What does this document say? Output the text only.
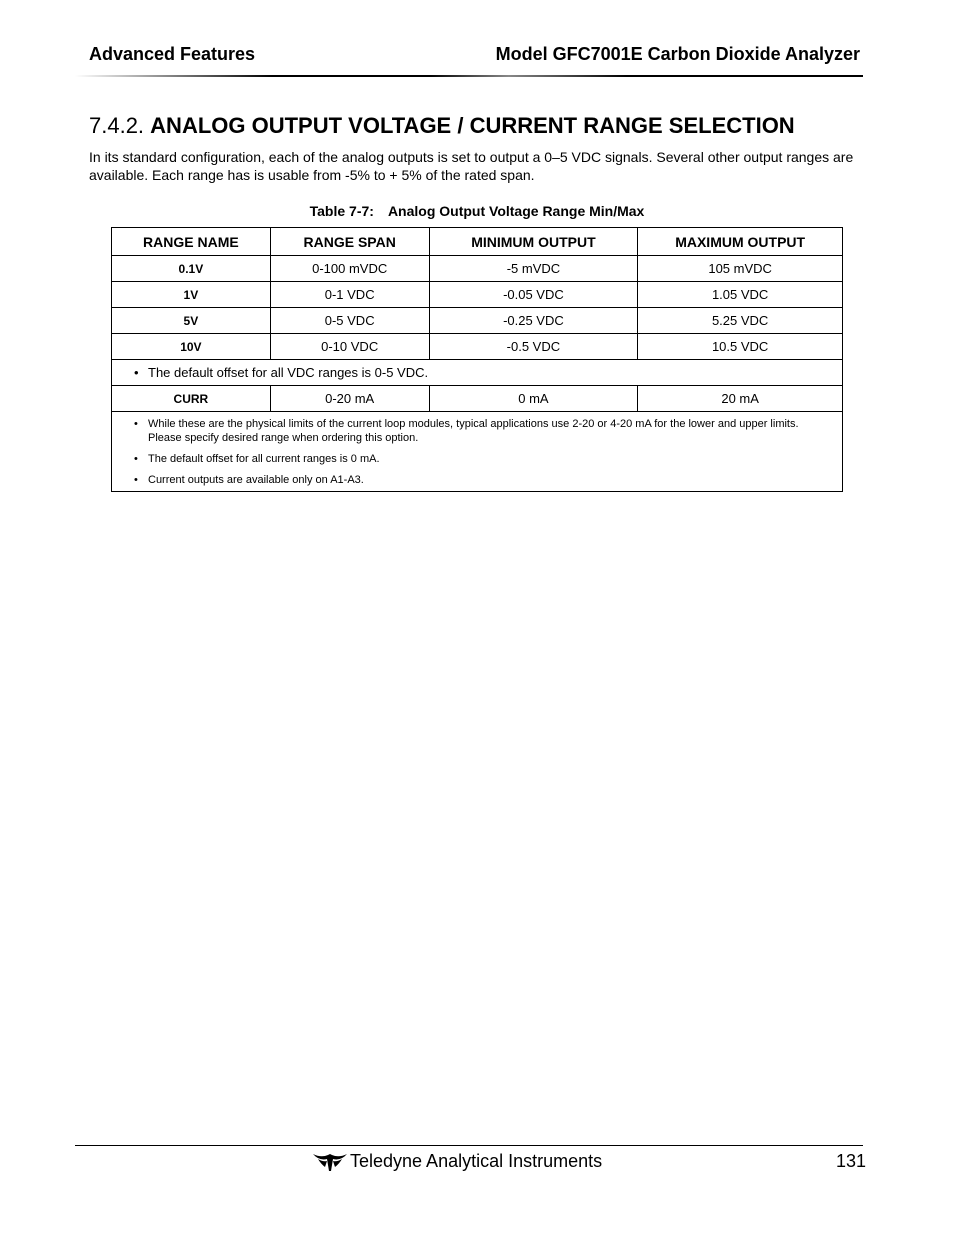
Advanced Features	Model GFC7001E Carbon Dioxide Analyzer
7.4.2. ANALOG OUTPUT VOLTAGE / CURRENT RANGE SELECTION
In its standard configuration, each of the analog outputs is set to output a 0–5 VDC signals. Several other output ranges are available. Each range has is usable from -5% to + 5% of the rated span.
Table 7-7: Analog Output Voltage Range Min/Max
RANGE NAME	RANGE SPAN	MINIMUM OUTPUT	MAXIMUM OUTPUT
0.1V	0-100 mVDC	-5 mVDC	105 mVDC
1V	0-1 VDC	-0.05 VDC	1.05 VDC
5V	0-5 VDC	-0.25 VDC	5.25 VDC
10V	0-10 VDC	-0.5 VDC	10.5 VDC

• The default offset for all VDC ranges is 0-5 VDC.

CURR	0-20 mA	0 mA	20 mA

• While these are the physical limits of the current loop modules, typical applications use 2-20 or 4-20 mA for the lower and upper limits. Please specify desired range when ordering this option.
• The default offset for all current ranges is 0 mA.
• Current outputs are available only on A1-A3.
Teledyne Analytical Instruments	131
